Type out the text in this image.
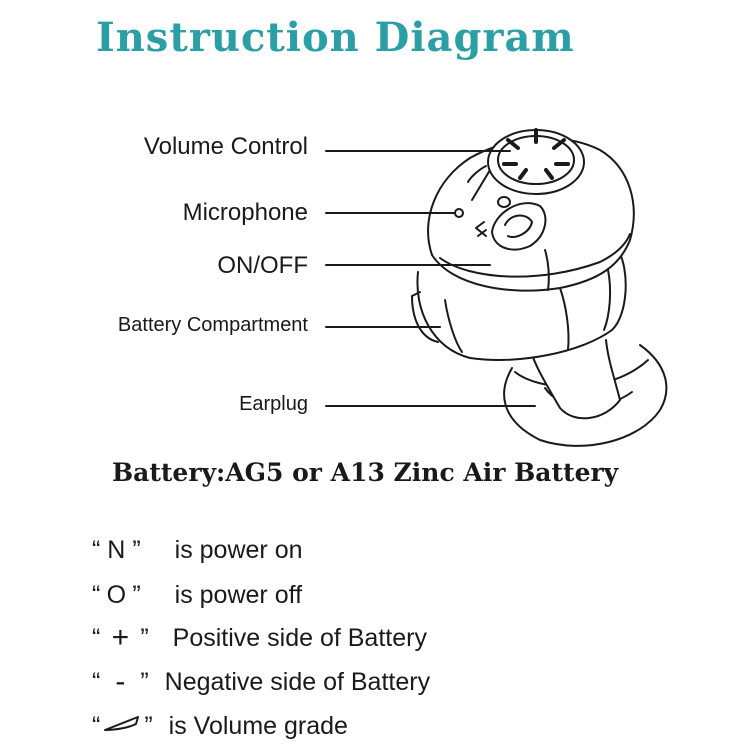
Instruction Diagram
Volume Control
Microphone
ON/OFF
Battery Compartment
Earplug
Battery:AG5 or A13 Zinc Air Battery
“ N ” is power on
“ O ” is power off
“ + ” Positive side of Battery
“ - ” Negative side of Battery
“ ” is Volume grade
